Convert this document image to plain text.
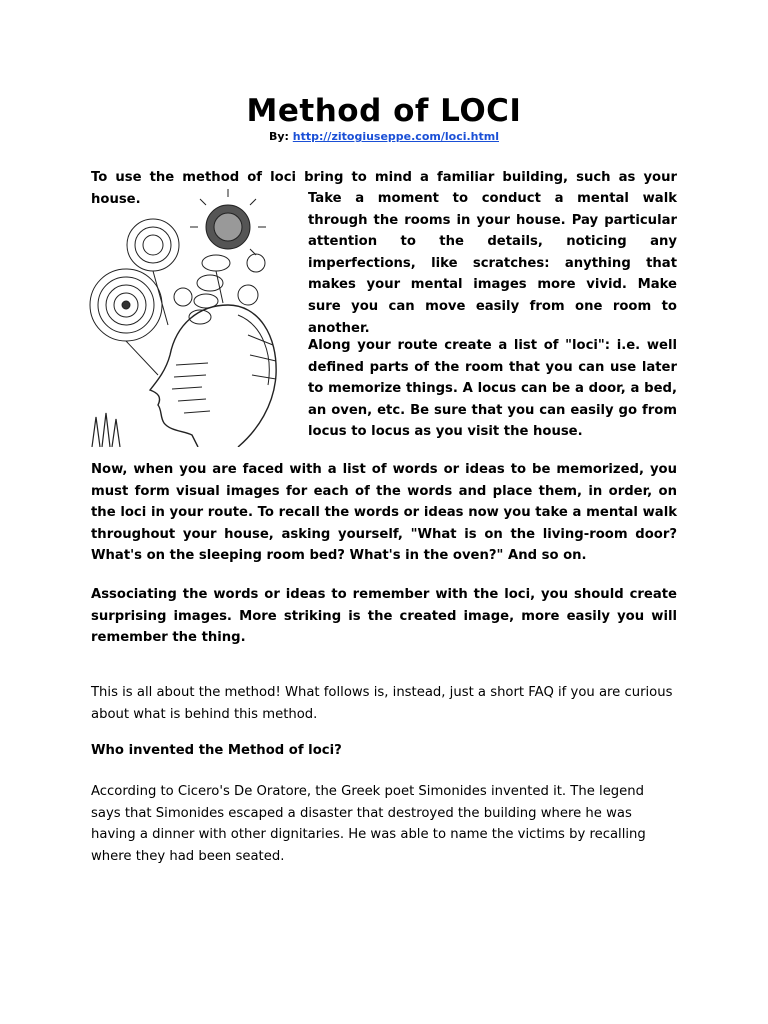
Method of LOCI
By: http://zitogiuseppe.com/loci.html

To use the method of loci bring to mind a familiar building, such as your house.	Take a moment to conduct a mental walk through the rooms in your house. Pay particular attention to the details, noticing any imperfections, like scratches: anything that makes your mental images more vivid. Make sure you can move easily from one room to another.

Along your route create a list of "loci": i.e. well defined parts of the room that you can use later to memorize things. A locus can be a door, a bed, an oven, etc. Be sure that you can easily go from locus to locus as you visit the house.

Now, when you are faced with a list of words or ideas to be memorized, you must form visual images for each of the words and place them, in order, on the loci in your route. To recall the words or ideas now you take a mental walk throughout your house, asking yourself, "What is on the living-room door? What's on the sleeping room bed? What's in the oven?" And so on.

Associating the words or ideas to remember with the loci, you should create surprising images. More striking is the created image, more easily you will remember the thing.

This is all about the method! What follows is, instead, just a short FAQ if you are curious about what is behind this method.

Who invented the Method of loci?

According to Cicero's De Oratore, the Greek poet Simonides invented it. The legend says that Simonides escaped a disaster that destroyed the building where he was having a dinner with other dignitaries. He was able to name the victims by recalling where they had been seated.
